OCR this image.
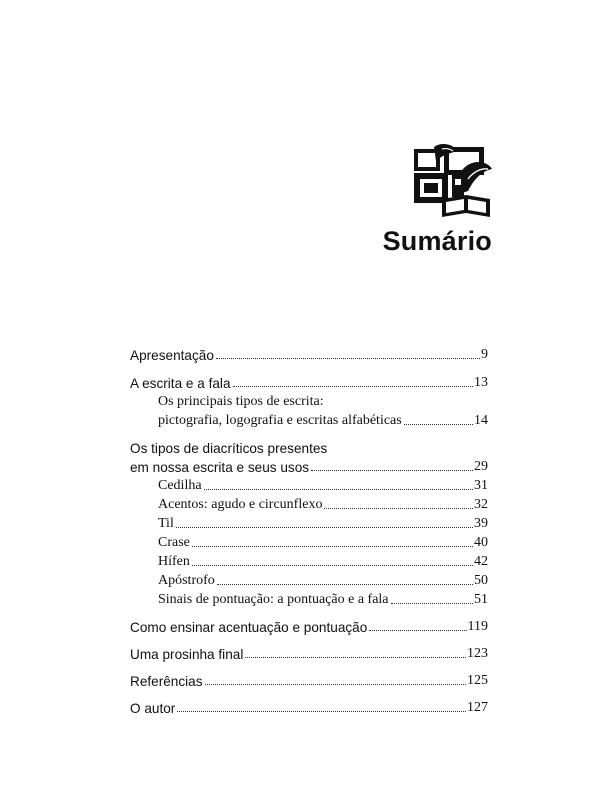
Sumário
Apresentação	9
A escrita e a fala	13
Os principais tipos de escrita:
pictografia, logografia e escritas alfabéticas	14
Os tipos de diacríticos presentes
em nossa escrita e seus usos	29
Cedilha	31
Acentos: agudo e circunflexo	32
Til	39
Crase	40
Hífen	42
Apóstrofo	50
Sinais de pontuação: a pontuação e a fala	51
Como ensinar acentuação e pontuação	119
Uma prosinha final	123
Referências	125
O autor	127
